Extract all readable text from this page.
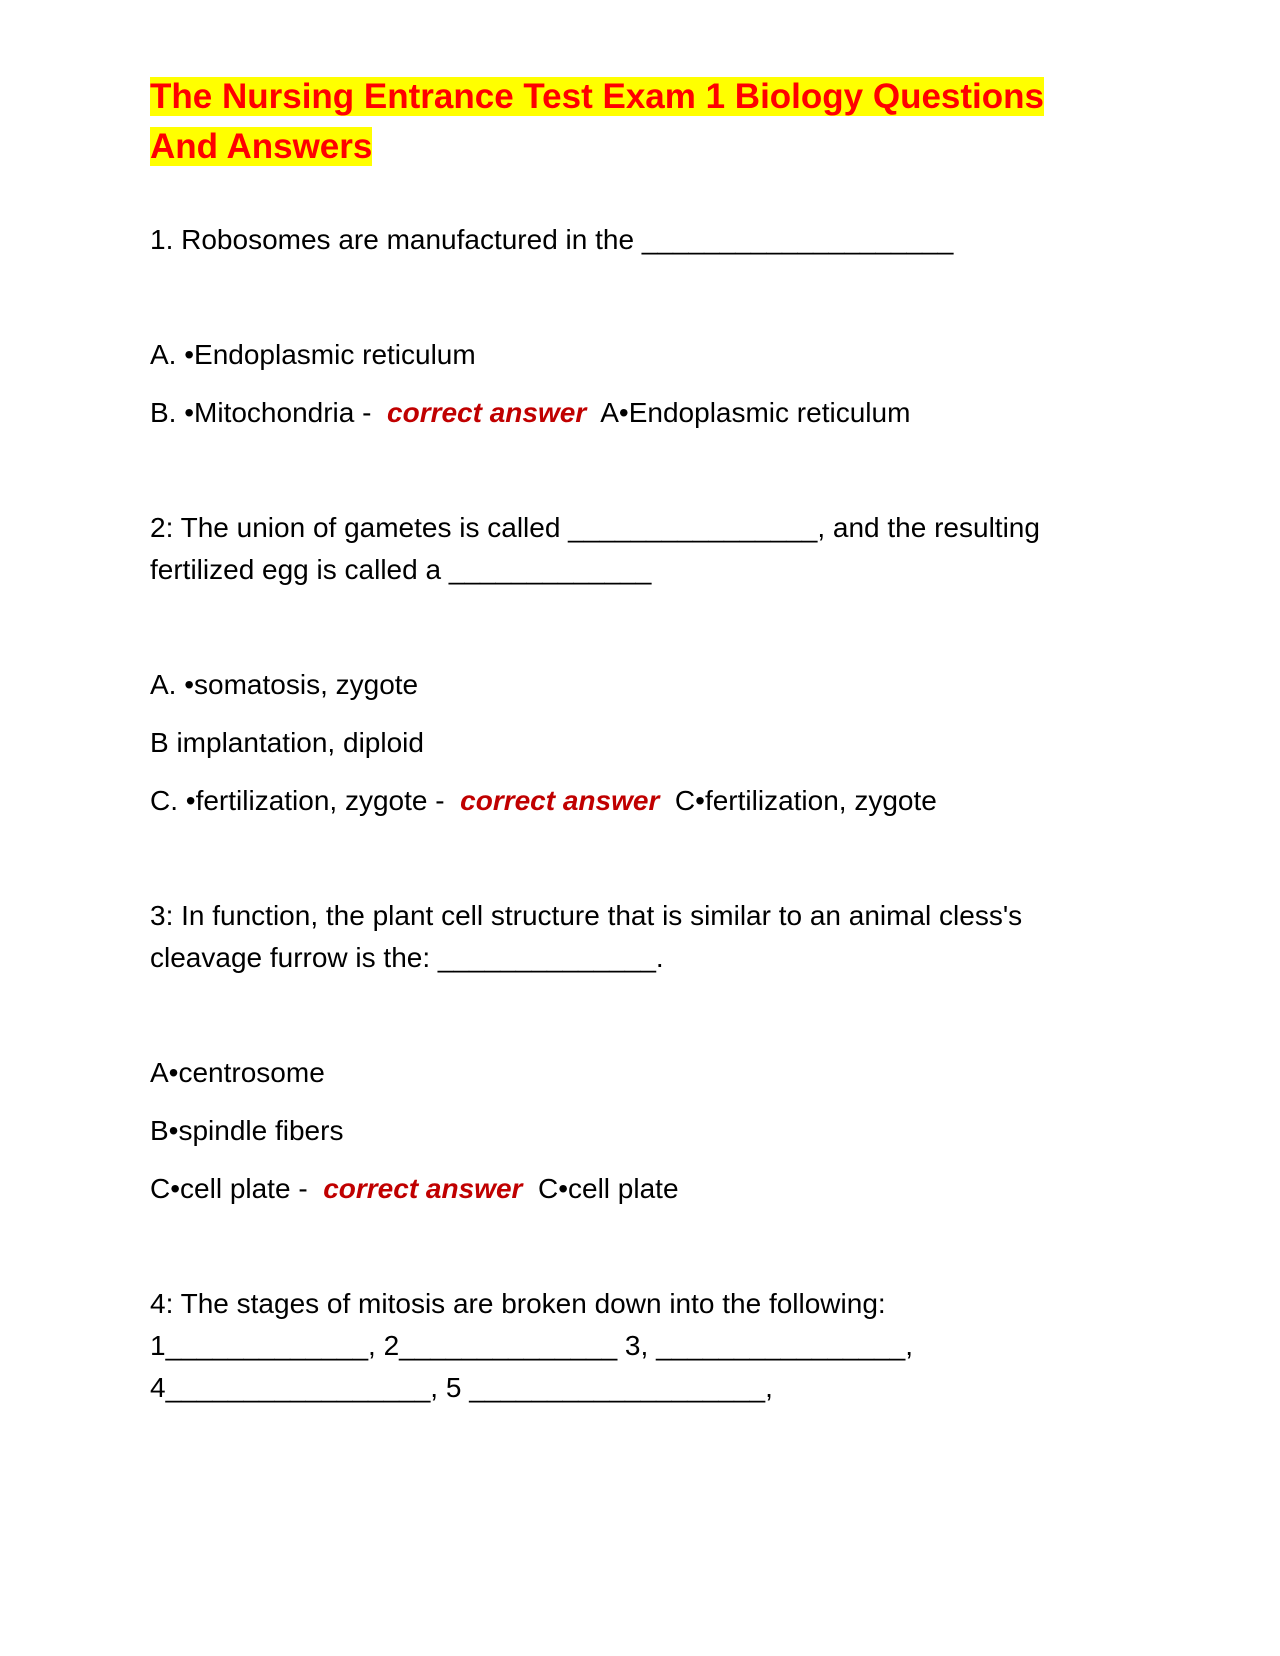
The Nursing Entrance Test Exam 1 Biology Questions
And Answers

1. Robosomes are manufactured in the ____________________

A. •Endoplasmic reticulum

B. •Mitochondria -  correct answer A•Endoplasmic reticulum

2: The union of gametes is called ________________, and the resulting

fertilized egg is called a _____________

A. •somatosis, zygote

B implantation, diploid

C. •fertilization, zygote -  correct answer C•fertilization, zygote

3: In function, the plant cell structure that is similar to an animal cless's

cleavage furrow is the: ______________.

A•centrosome

B•spindle fibers

C•cell plate -  correct answer C•cell plate

4: The stages of mitosis are broken down into the following:

1_____________, 2______________ 3, ________________,

4_________________, 5 ___________________,
